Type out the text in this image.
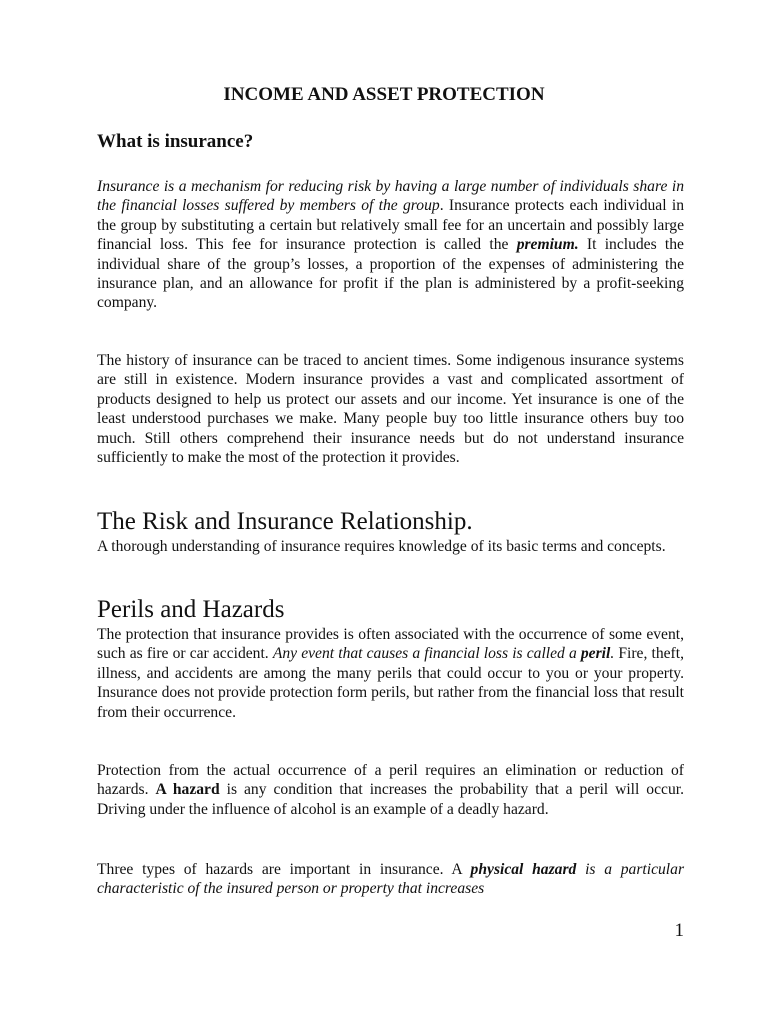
INCOME AND ASSET PROTECTION
What is insurance?

Insurance is a mechanism for reducing risk by having a large number of individuals share in the financial losses suffered by members of the group. Insurance protects each individual in the group by substituting a certain but relatively small fee for an uncertain and possibly large financial loss. This fee for insurance protection is called the premium. It includes the individual share of the group’s losses, a proportion of the expenses of administering the insurance plan, and an allowance for profit if the plan is administered by a profit-seeking company.

The history of insurance can be traced to ancient times. Some indigenous insurance systems are still in existence. Modern insurance provides a vast and complicated assortment of products designed to help us protect our assets and our income. Yet insurance is one of the least understood purchases we make. Many people buy too little insurance others buy too much. Still others comprehend their insurance needs but do not understand insurance sufficiently to make the most of the protection it provides.

The Risk and Insurance Relationship.

A thorough understanding of insurance requires knowledge of its basic terms and concepts.

Perils and Hazards

The protection that insurance provides is often associated with the occurrence of some event, such as fire or car accident. Any event that causes a financial loss is called a peril. Fire, theft, illness, and accidents are among the many perils that could occur to you or your property. Insurance does not provide protection form perils, but rather from the financial loss that result from their occurrence.

Protection from the actual occurrence of a peril requires an elimination or reduction of hazards. A hazard is any condition that increases the probability that a peril will occur. Driving under the influence of alcohol is an example of a deadly hazard.

Three types of hazards are important in insurance. A physical hazard is a particular characteristic of the insured person or property that increases

1
